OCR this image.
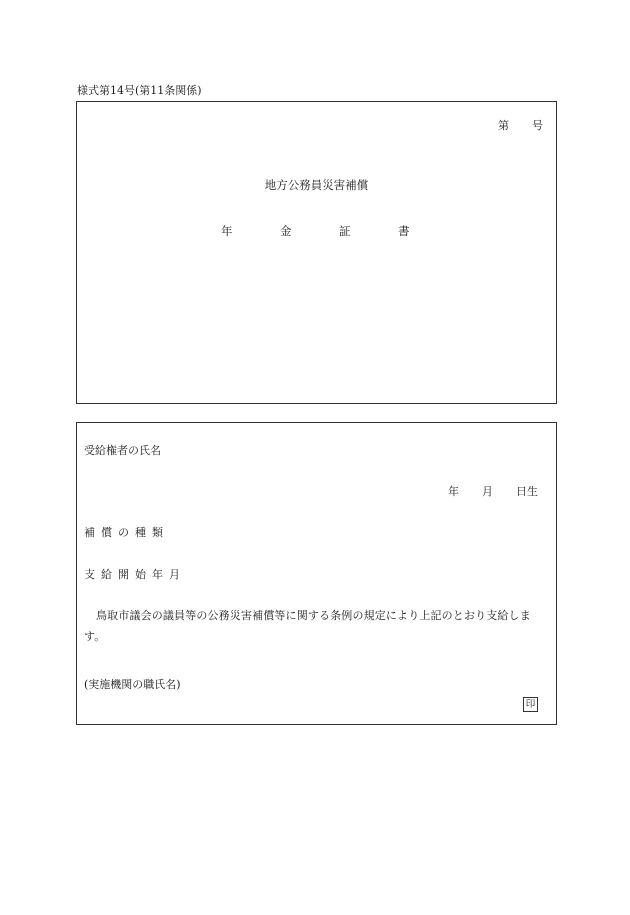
様式第14号(第11条関係)
第 号
地方公務員災害補償
年	金	証	書
受給権者の氏名
年 月 日生
補 償 の 種 類
支 給 開 始 年 月
鳥取市議会の議員等の公務災害補償等に関する条例の規定により上記のとおり支給します。
(実施機関の職氏名)
印
